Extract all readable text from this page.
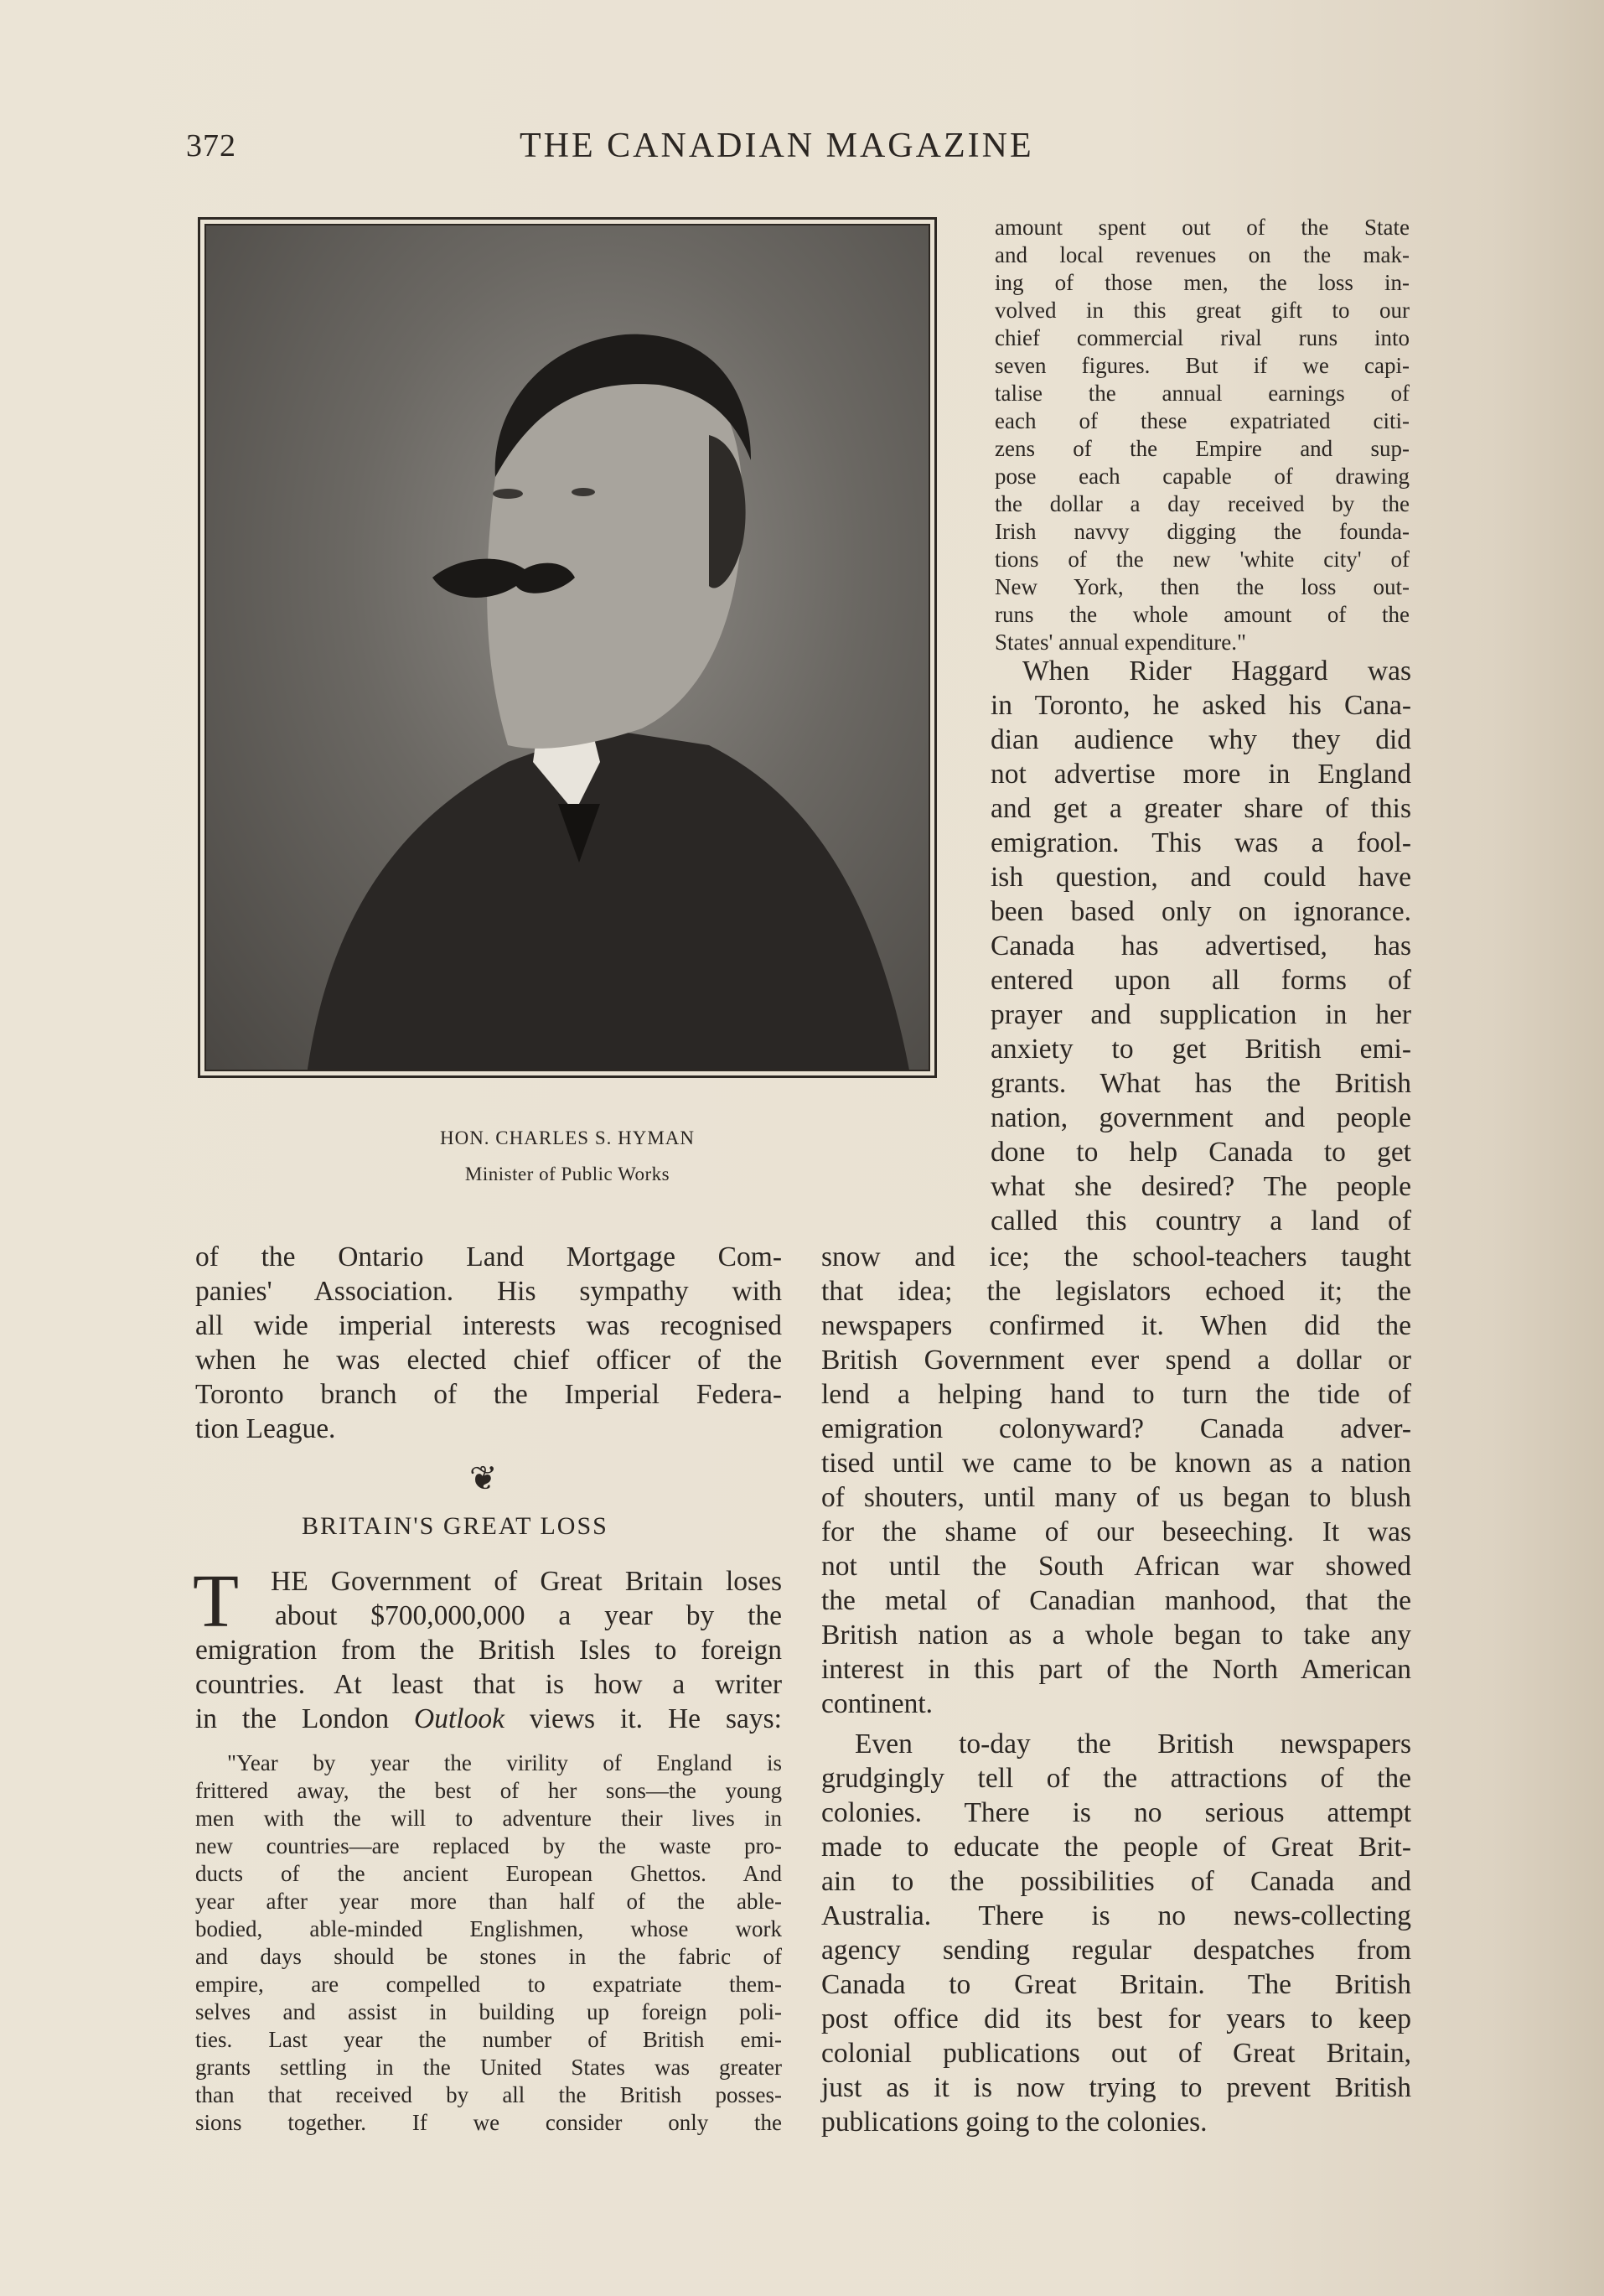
372	THE CANADIAN MAGAZINE
HON. CHARLES S. HYMAN
Minister of Public Works
amount spent out of the State
and local revenues on the mak-
ing of those men, the loss in-
volved in this great gift to our
chief commercial rival runs into
seven figures. But if we capi-
talise the annual earnings of
each of these expatriated citi-
zens of the Empire and sup-
pose each capable of drawing
the dollar a day received by the
Irish navvy digging the founda-
tions of the new 'white city' of
New York, then the loss out-
runs the whole amount of the
States' annual expenditure."
When Rider Haggard was
in Toronto, he asked his Cana-
dian audience why they did
not advertise more in England
and get a greater share of this
emigration. This was a fool-
ish question, and could have
been based only on ignorance.
Canada has advertised, has
entered upon all forms of
prayer and supplication in her
anxiety to get British emi-
grants. What has the British
nation, government and people
done to help Canada to get
what she desired? The people
called this country a land of
snow and ice; the school-teachers taught
that idea; the legislators echoed it; the
newspapers confirmed it. When did the
British Government ever spend a dollar or
lend a helping hand to turn the tide of
emigration colonyward? Canada adver-
tised until we came to be known as a nation
of shouters, until many of us began to blush
for the shame of our beseeching. It was
not until the South African war showed
the metal of Canadian manhood, that the
British nation as a whole began to take any
interest in this part of the North American
continent.
Even to-day the British newspapers
grudgingly tell of the attractions of the
colonies. There is no serious attempt
made to educate the people of Great Brit-
ain to the possibilities of Canada and
Australia. There is no news-collecting
agency sending regular despatches from
Canada to Great Britain. The British
post office did its best for years to keep
colonial publications out of Great Britain,
just as it is now trying to prevent British
publications going to the colonies.
of the Ontario Land Mortgage Com-
panies' Association. His sympathy with
all wide imperial interests was recognised
when he was elected chief officer of the
Toronto branch of the Imperial Federa-
tion League.
❦
BRITAIN'S GREAT LOSS
T	HE Government of Great Britain loses
about $700,000,000 a year by the
emigration from the British Isles to foreign
countries. At least that is how a writer
in the London Outlook views it. He says:
"Year by year the virility of England is
frittered away, the best of her sons—the young
men with the will to adventure their lives in
new countries—are replaced by the waste pro-
ducts of the ancient European Ghettos. And
year after year more than half of the able-
bodied, able-minded Englishmen, whose work
and days should be stones in the fabric of
empire, are compelled to expatriate them-
selves and assist in building up foreign poli-
ties. Last year the number of British emi-
grants settling in the United States was greater
than that received by all the British posses-
sions together. If we consider only the
